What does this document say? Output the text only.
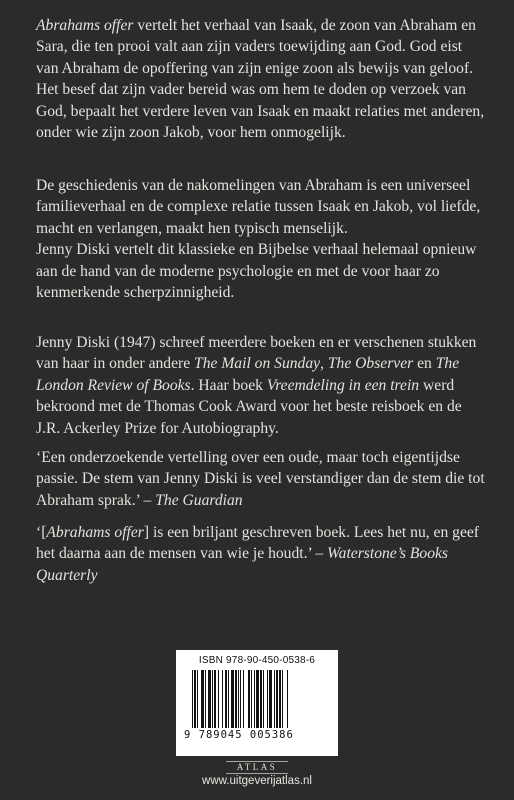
Abrahams offer vertelt het verhaal van Isaak, de zoon van Abraham en Sara, die ten prooi valt aan zijn vaders toewijding aan God. God eist van Abraham de opoffering van zijn enige zoon als bewijs van geloof. Het besef dat zijn vader bereid was om hem te doden op verzoek van God, bepaalt het verdere leven van Isaak en maakt relaties met anderen, onder wie zijn zoon Jakob, voor hem onmogelijk.

De geschiedenis van de nakomelingen van Abraham is een universeel familieverhaal en de complexe relatie tussen Isaak en Jakob, vol liefde, macht en verlangen, maakt hen typisch menselijk.
Jenny Diski vertelt dit klassieke en Bijbelse verhaal helemaal opnieuw aan de hand van de moderne psychologie en met de voor haar zo kenmerkende scherpzinnigheid.

Jenny Diski (1947) schreef meerdere boeken en er verschenen stukken van haar in onder andere The Mail on Sunday, The Observer en The London Review of Books. Haar boek Vreemdeling in een trein werd bekroond met de Thomas Cook Award voor het beste reisboek en de J.R. Ackerley Prize for Autobiography.

‘Een onderzoekende vertelling over een oude, maar toch eigentijdse passie. De stem van Jenny Diski is veel verstandiger dan de stem die tot Abraham sprak.’ – The Guardian

‘[Abrahams offer] is een briljant geschreven boek. Lees het nu, en geef het daarna aan de mensen van wie je houdt.’ – Waterstone’s Books Quarterly

ISBN 978-90-450-0538-6
9 789045 005386
ATLAS
www.uitgeverijatlas.nl
